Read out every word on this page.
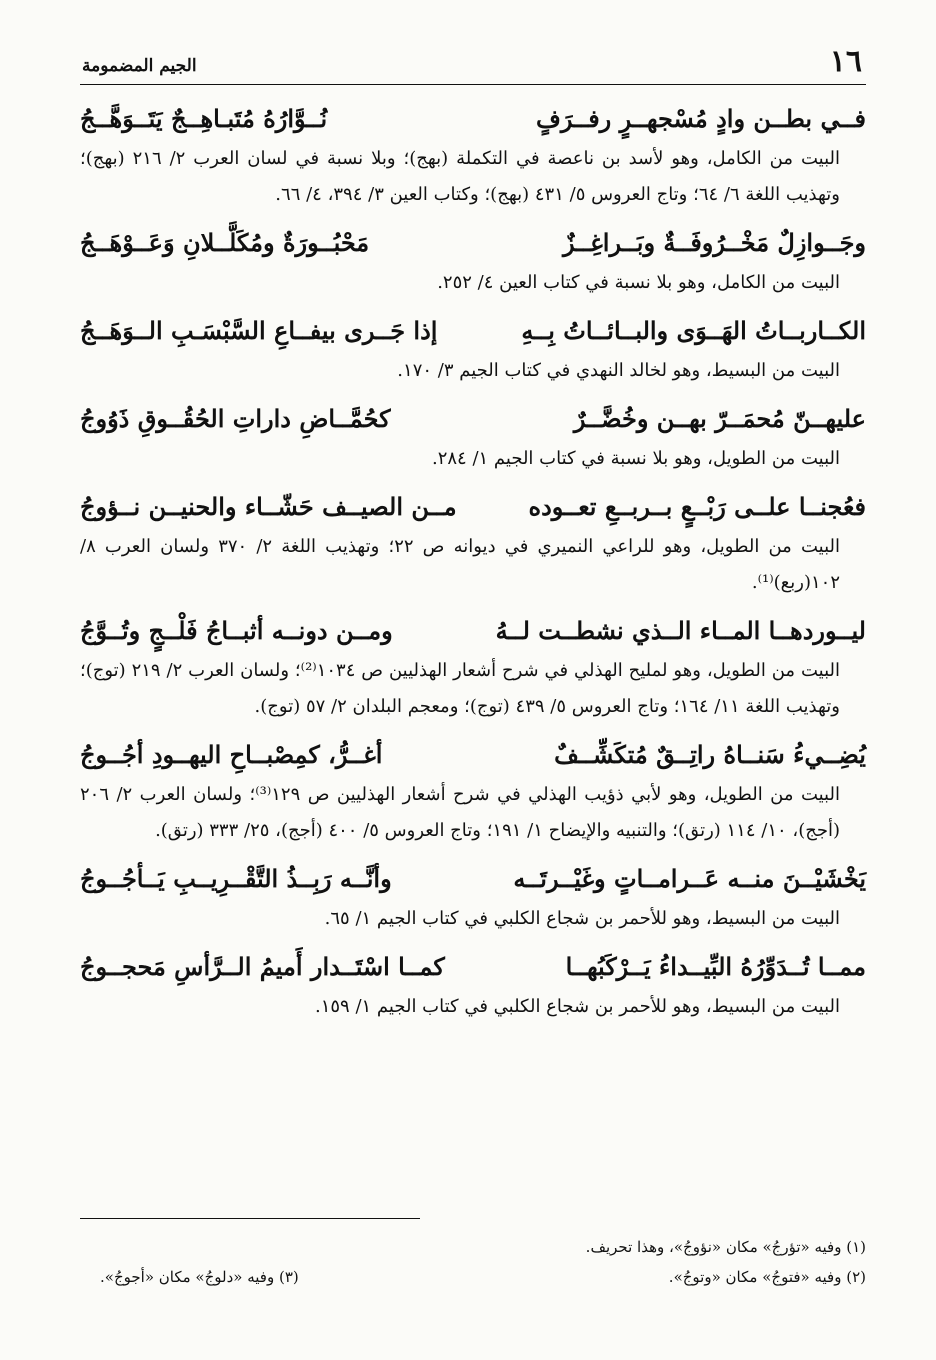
١٦
الجيم المضمومة
فــي بطــن وادٍ مُسْجهــرٍ رفــرَفٍ
نُــوَّارُهُ مُتَبـاهِــجٌ يَتَــوَهَّــجُ
البيت من الكامل، وهو لأسد بن ناعصة في التكملة (بهج)؛ وبلا نسبة في لسان العرب ٢/ ٢١٦ (بهج)؛ وتهذيب اللغة ٦/ ٦٤؛ وتاج العروس ٥/ ٤٣١ (بهج)؛ وكتاب العين ٣/ ٣٩٤، ٤/ ٦٦.
وجَــوازِلٌ مَخْــرُوفَــةٌ وبَــراغِــزٌ
مَحْبُــورَةٌ ومُكَلَّــلانِ وَعَــوْهَــجُ
البيت من الكامل، وهو بلا نسبة في كتاب العين ٤/ ٢٥٢.
الكــاربــاتُ الهَــوَى والبــائــاتُ بِــهِ
إذا جَــرى بيفــاعِ السَّبْسَـبِ الــوَهَــجُ
البيت من البسيط، وهو لخالد النهدي في كتاب الجيم ٣/ ١٧٠.
عليهــنّ مُحمَــرّ بهــن وخُضَّــرٌ
كحُمَّــاضِ داراتِ الحُقُــوقِ ذَوُوجُ
البيت من الطويل، وهو بلا نسبة في كتاب الجيم ١/ ٢٨٤.
فعُجنــا علــى رَبْــعٍ بــربــعِ تعــوده
مــن الصيــف حَشّــاء والحنيــن نــؤوجُ
البيت من الطويل، وهو للراعي النميري في ديوانه ص ٢٢؛ وتهذيب اللغة ٢/ ٣٧٠ ولسان العرب ٨/ ١٠٢(ربع)⁽¹⁾.
ليــوردهــا المــاء الــذي نشطــت لــهُ
ومــن دونــه أثبــاجُ فَلْــجٍ وتُــوَّجُ
البيت من الطويل، وهو لمليح الهذلي في شرح أشعار الهذليين ص ١٠٣٤⁽²⁾؛ ولسان العرب ٢/ ٢١٩ (توج)؛ وتهذيب اللغة ١١/ ١٦٤؛ وتاج العروس ٥/ ٤٣٩ (توج)؛ ومعجم البلدان ٢/ ٥٧ (توج).
يُضِــيءُ سَنــاهُ راتِــقٌ مُتكَشِّــفٌ
أغــرُّ، كمِصْبــاحِ اليهــودِ أجُــوجُ
البيت من الطويل، وهو لأبي ذؤيب الهذلي في شرح أشعار الهذليين ص ١٢٩⁽³⁾؛ ولسان العرب ٢/ ٢٠٦ (أجج)، ١٠/ ١١٤ (رتق)؛ والتنبيه والإيضاح ١/ ١٩١؛ وتاج العروس ٥/ ٤٠٠ (أجج)، ٢٥/ ٣٣٣ (رتق).
يَخْشَيْــنَ منــه عَــرامــاتٍ وغَيْــرتَــه
وأنَّــه رَبِــذُ التَّقْــرِيــبِ يَــأجُــوجُ
البيت من البسيط، وهو للأحمر بن شجاع الكلبي في كتاب الجيم ١/ ٦٥.
ممــا تُــدَوِّرُهُ البِّيــداءُ يَــرْكَبُهــا
كمــا اسْتَــدار أَميمُ الــرَّأسِ مَحجــوجُ
البيت من البسيط، وهو للأحمر بن شجاع الكلبي في كتاب الجيم ١/ ١٥٩.
(١) وفيه «تؤرجُ» مكان «نؤوجُ»، وهذا تحريف.
(٢) وفيه «فتوجُ» مكان «وتوجُ».
(٣) وفيه «دلوجُ» مكان «أجوجُ».
